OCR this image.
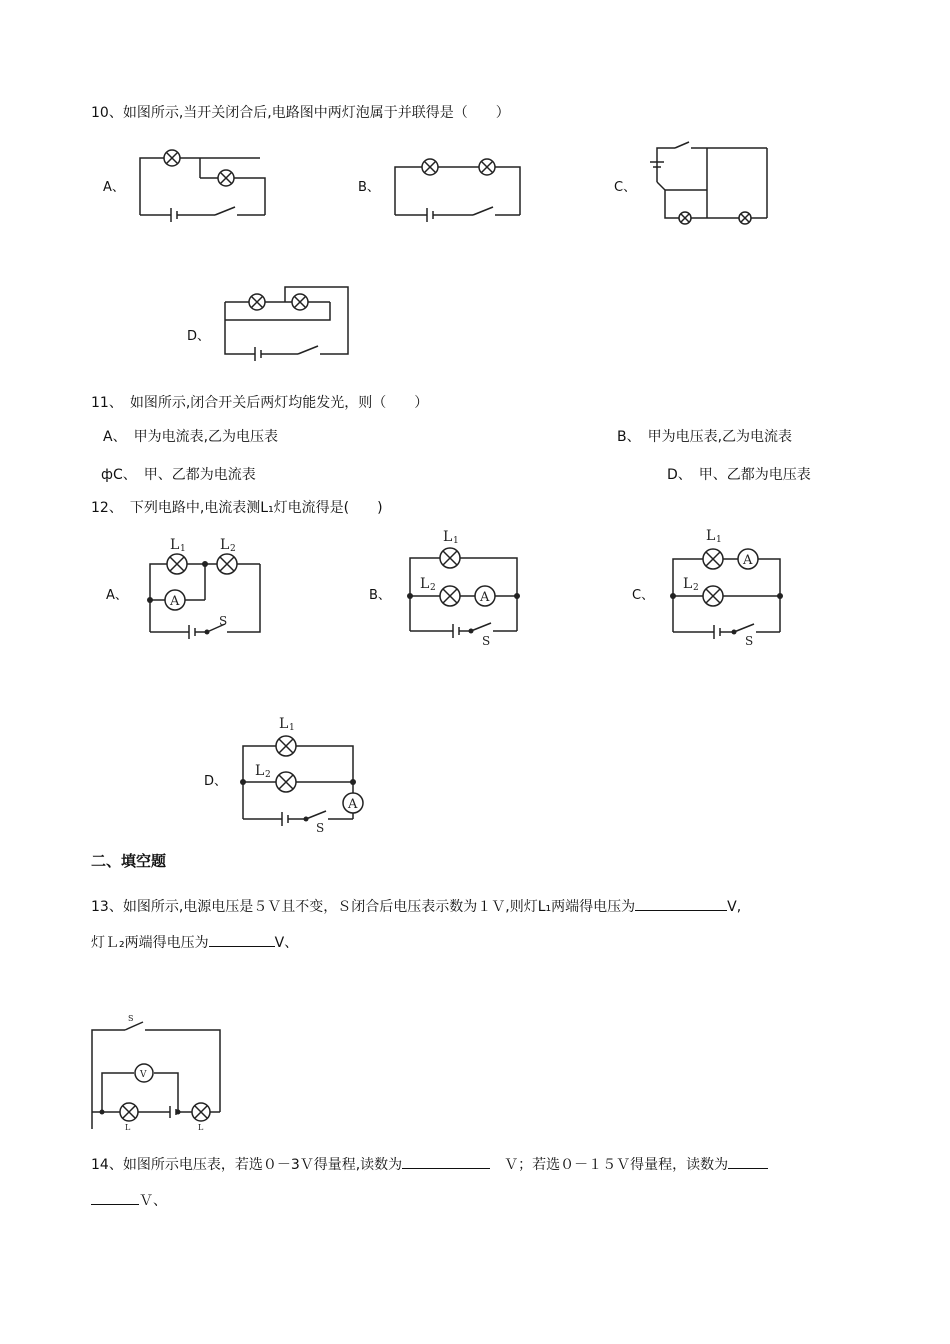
10、如图所示,当开关闭合后,电路图中两灯泡属于并联得是（　　）
A、	B、	C、
D、
11、　如图所示,闭合开关后两灯均能发光，则（　　）
A、　甲为电流表,乙为电压表	B、　甲为电压表,乙为电流表
фC、　甲、乙都为电流表	D、　甲、乙都为电压表
12、　下列电路中,电流表测L₁灯电流得是(　　)
A、	A
L 1 L 2
S
B、	A
L 1
L 2
S
C、
A
L 1
L 2
S
D、
A
L 1
L 2
S
二、填空题
13、如图所示,电源电压是５Ｖ且不变，Ｓ闭合后电压表示数为１Ｖ,则灯L₁两端得电压为	V,
灯Ｌ₂两端得电压为	V、
V
S
L	L
14、如图所示电压表，若选０－3Ｖ得量程,读数为	　Ｖ；若选０－１５Ｖ得量程，读数为
Ｖ、
